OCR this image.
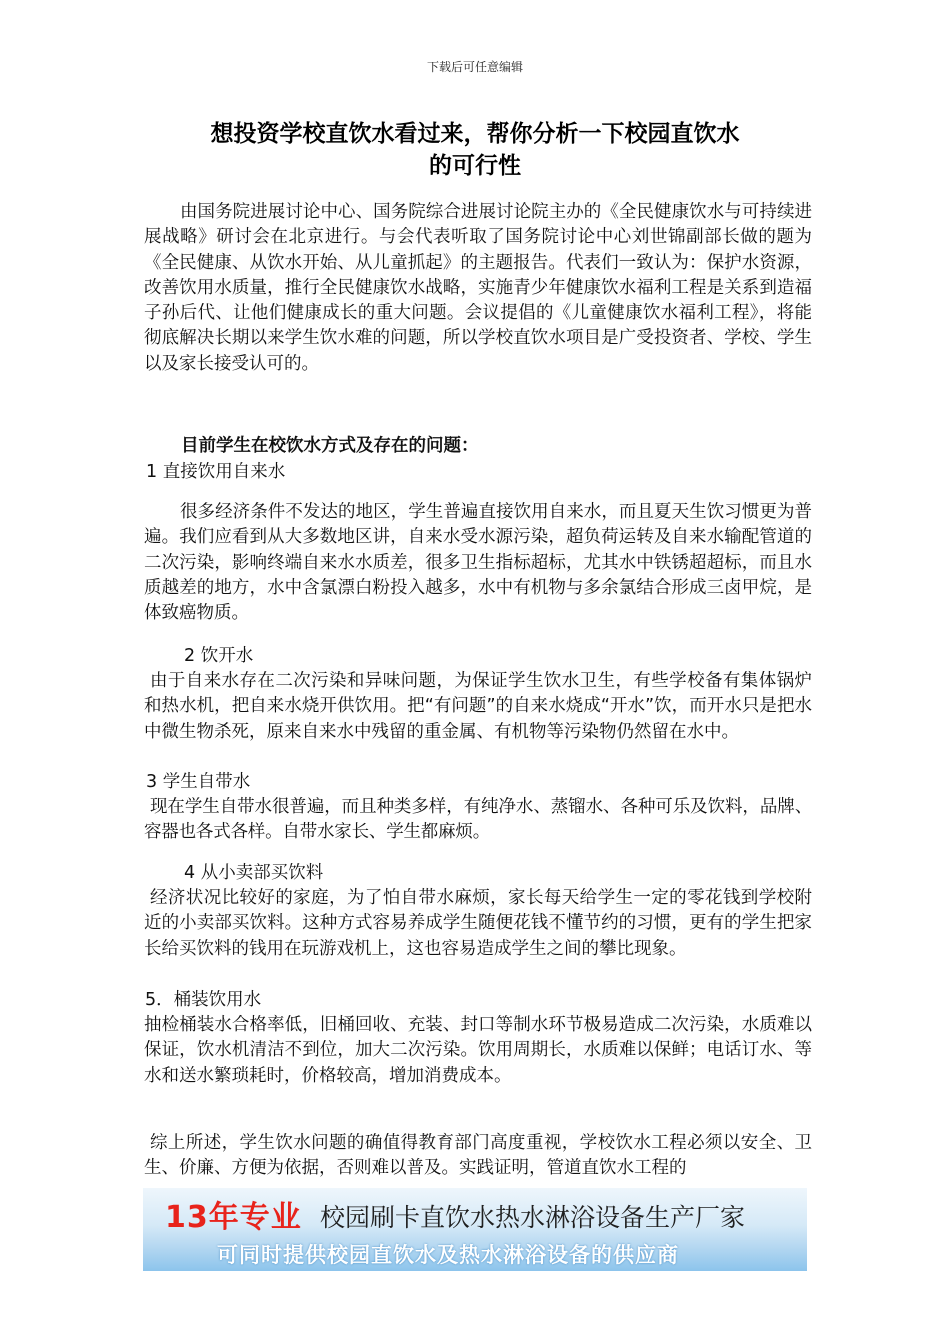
下载后可任意编辑
想投资学校直饮水看过来，帮你分析一下校园直饮水
的可行性
由国务院进展讨论中心、国务院综合进展讨论院主办的《全民健康饮水与可持续进展战略》研讨会在北京进行。与会代表听取了国务院讨论中心刘世锦副部长做的题为《全民健康、从饮水开始、从儿童抓起》的主题报告。代表们一致认为：保护水资源，改善饮用水质量，推行全民健康饮水战略，实施青少年健康饮水福利工程是关系到造福子孙后代、让他们健康成长的重大问题。会议提倡的《儿童健康饮水福利工程》，将能彻底解决长期以来学生饮水难的问题，所以学校直饮水项目是广受投资者、学校、学生以及家长接受认可的。
目前学生在校饮水方式及存在的问题：
1 直接饮用自来水
很多经济条件不发达的地区，学生普遍直接饮用自来水，而且夏天生饮习惯更为普遍。我们应看到从大多数地区讲，自来水受水源污染，超负荷运转及自来水输配管道的二次污染，影响终端自来水水质差，很多卫生指标超标，尤其水中铁锈超超标，而且水质越差的地方，水中含氯漂白粉投入越多，水中有机物与多余氯结合形成三卤甲烷，是体致癌物质。
2 饮开水
由于自来水存在二次污染和异味问题，为保证学生饮水卫生，有些学校备有集体锅炉和热水机，把自来水烧开供饮用。把“有问题”的自来水烧成“开水”饮，而开水只是把水中微生物杀死，原来自来水中残留的重金属、有机物等污染物仍然留在水中。
3 学生自带水
现在学生自带水很普遍，而且种类多样，有纯净水、蒸镏水、各种可乐及饮料，品牌、容器也各式各样。自带水家长、学生都麻烦。
4 从小卖部买饮料
经济状况比较好的家庭，为了怕自带水麻烦，家长每天给学生一定的零花钱到学校附近的小卖部买饮料。这种方式容易养成学生随便花钱不懂节约的习惯，更有的学生把家长给买饮料的钱用在玩游戏机上，这也容易造成学生之间的攀比现象。
5．桶装饮用水
抽检桶装水合格率低，旧桶回收、充装、封口等制水环节极易造成二次污染，水质难以保证，饮水机清洁不到位，加大二次污染。饮用周期长，水质难以保鲜；电话订水、等水和送水繁琐耗时，价格较高，增加消费成本。
综上所述，学生饮水问题的确值得教育部门高度重视，学校饮水工程必须以安全、卫生、价廉、方便为依据，否则难以普及。实践证明，管道直饮水工程的
13年专业 校园刷卡直饮水热水淋浴设备生产厂家
可同时提供校园直饮水及热水淋浴设备的供应商
